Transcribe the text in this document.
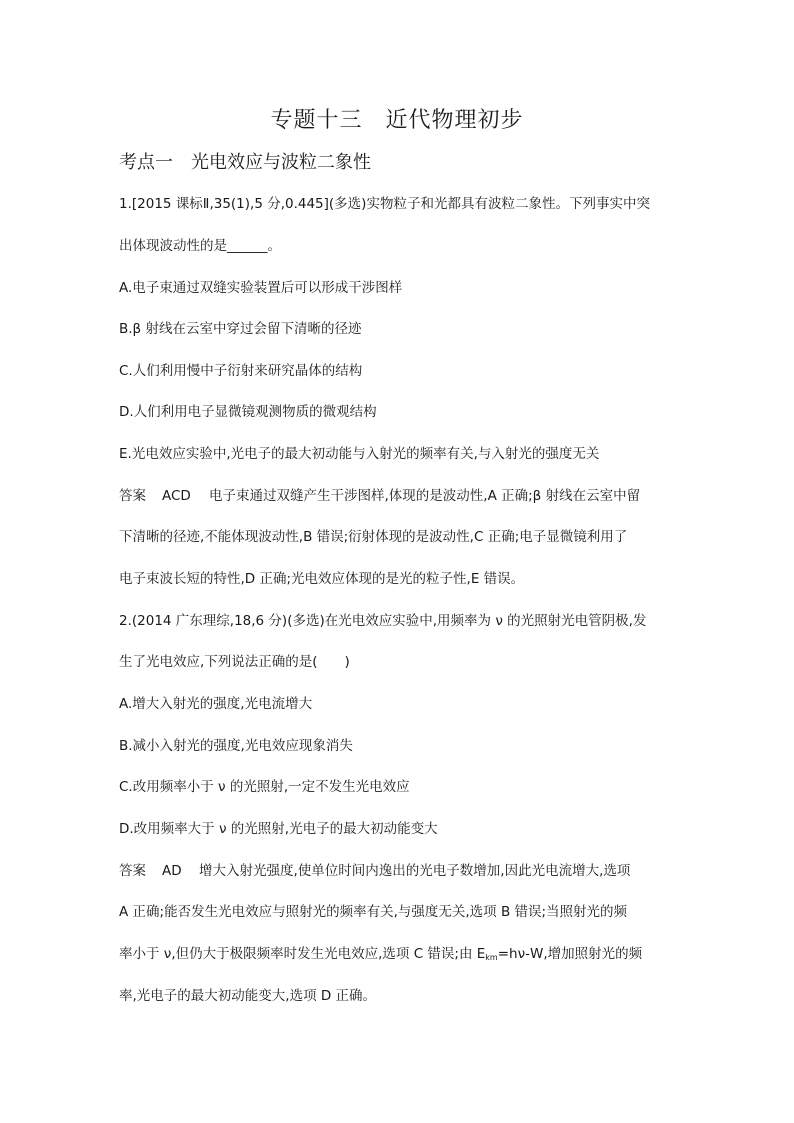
专题十三　近代物理初步
考点一　光电效应与波粒二象性
1.[2015 课标Ⅱ,35(1),5 分,0.445](多选)实物粒子和光都具有波粒二象性。下列事实中突
出体现波动性的是______。
A.电子束通过双缝实验装置后可以形成干涉图样
B.β 射线在云室中穿过会留下清晰的径迹
C.人们利用慢中子衍射来研究晶体的结构
D.人们利用电子显微镜观测物质的微观结构
E.光电效应实验中,光电子的最大初动能与入射光的频率有关,与入射光的强度无关
答案 ACD 电子束通过双缝产生干涉图样,体现的是波动性,A 正确;β 射线在云室中留
下清晰的径迹,不能体现波动性,B 错误;衍射体现的是波动性,C 正确;电子显微镜利用了
电子束波长短的特性,D 正确;光电效应体现的是光的粒子性,E 错误。
2.(2014 广东理综,18,6 分)(多选)在光电效应实验中,用频率为 ν 的光照射光电管阴极,发
生了光电效应,下列说法正确的是(　　)
A.增大入射光的强度,光电流增大
B.减小入射光的强度,光电效应现象消失
C.改用频率小于 ν 的光照射,一定不发生光电效应
D.改用频率大于 ν 的光照射,光电子的最大初动能变大
答案 AD 增大入射光强度,使单位时间内逸出的光电子数增加,因此光电流增大,选项
A 正确;能否发生光电效应与照射光的频率有关,与强度无关,选项 B 错误;当照射光的频
率小于 ν,但仍大于极限频率时发生光电效应,选项 C 错误;由 $E_{km}=h\nu-W$,增加照射光的频
率,光电子的最大初动能变大,选项 D 正确。
